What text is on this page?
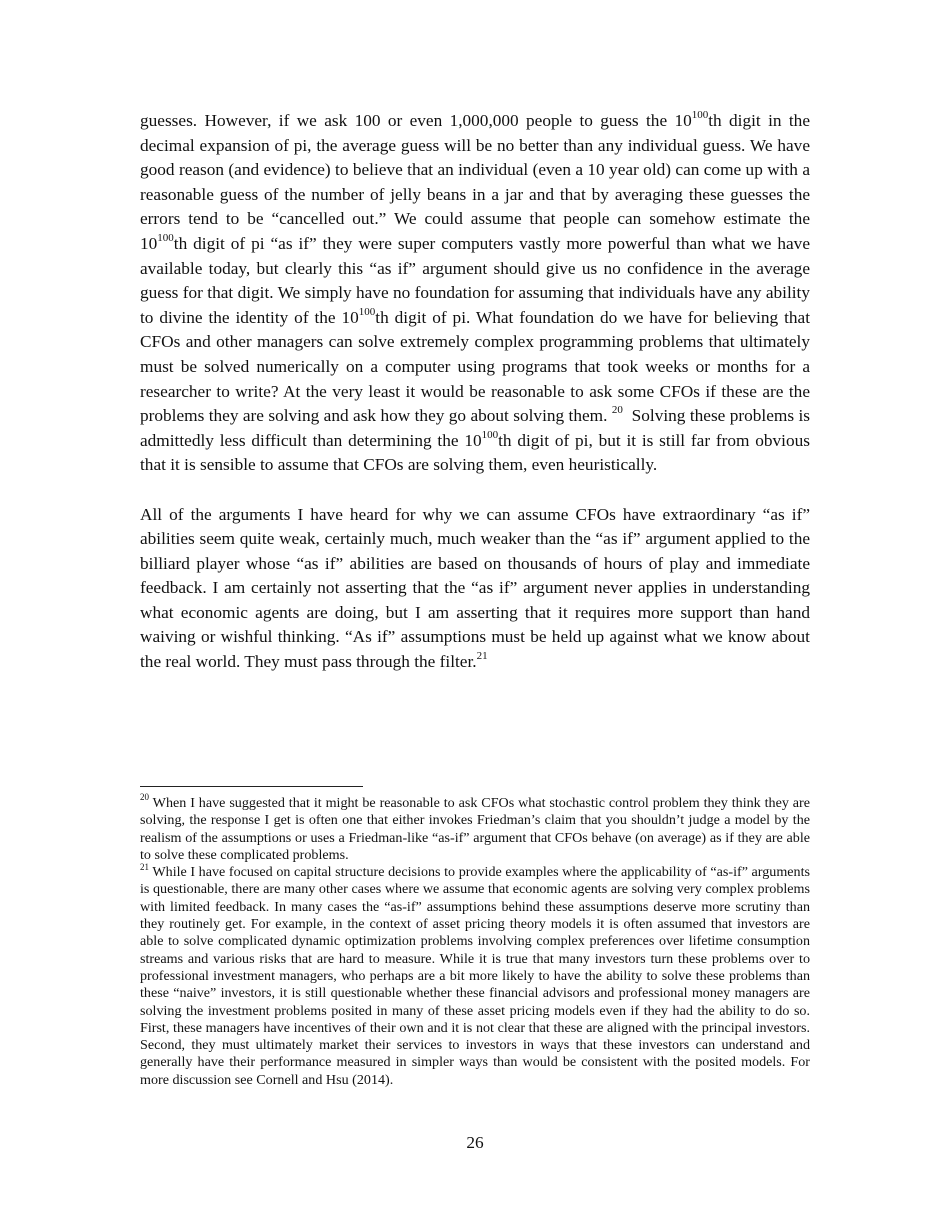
guesses. However, if we ask 100 or even 1,000,000 people to guess the $10^{100}th$ digit in the decimal expansion of pi, the average guess will be no better than any individual guess. We have good reason (and evidence) to believe that an individual (even a 10 year old) can come up with a reasonable guess of the number of jelly beans in a jar and that by averaging these guesses the errors tend to be “cancelled out.” We could assume that people can somehow estimate the $10^{100}th$ digit of pi “as if” they were super computers vastly more powerful than what we have available today, but clearly this “as if” argument should give us no confidence in the average guess for that digit. We simply have no foundation for assuming that individuals have any ability to divine the identity of the $10^{100}th$ digit of pi. What foundation do we have for believing that CFOs and other managers can solve extremely complex programming problems that ultimately must be solved numerically on a computer using programs that took weeks or months for a researcher to write? At the very least it would be reasonable to ask some CFOs if these are the problems they are solving and ask how they go about solving them. $^{20}$ Solving these problems is admittedly less difficult than determining the $10^{100}th$ digit of pi, but it is still far from obvious that it is sensible to assume that CFOs are solving them, even heuristically.

All of the arguments I have heard for why we can assume CFOs have extraordinary “as if” abilities seem quite weak, certainly much, much weaker than the “as if” argument applied to the billiard player whose “as if” abilities are based on thousands of hours of play and immediate feedback. I am certainly not asserting that the “as if” argument never applies in understanding what economic agents are doing, but I am asserting that it requires more support than hand waiving or wishful thinking. “As if” assumptions must be held up against what we know about the real world. They must pass through the filter.$^{21}$

$^{20}$ When I have suggested that it might be reasonable to ask CFOs what stochastic control problem they think they are solving, the response I get is often one that either invokes Friedman’s claim that you shouldn’t judge a model by the realism of the assumptions or uses a Friedman-like “as-if” argument that CFOs behave (on average) as if they are able to solve these complicated problems.

$^{21}$ While I have focused on capital structure decisions to provide examples where the applicability of “as-if” arguments is questionable, there are many other cases where we assume that economic agents are solving very complex problems with limited feedback. In many cases the “as-if” assumptions behind these assumptions deserve more scrutiny than they routinely get. For example, in the context of asset pricing theory models it is often assumed that investors are able to solve complicated dynamic optimization problems involving complex preferences over lifetime consumption streams and various risks that are hard to measure. While it is true that many investors turn these problems over to professional investment managers, who perhaps are a bit more likely to have the ability to solve these problems than these “naive” investors, it is still questionable whether these financial advisors and professional money managers are solving the investment problems posited in many of these asset pricing models even if they had the ability to do so. First, these managers have incentives of their own and it is not clear that these are aligned with the principal investors. Second, they must ultimately market their services to investors in ways that these investors can understand and generally have their performance measured in simpler ways than would be consistent with the posited models. For more discussion see Cornell and Hsu (2014).

26
